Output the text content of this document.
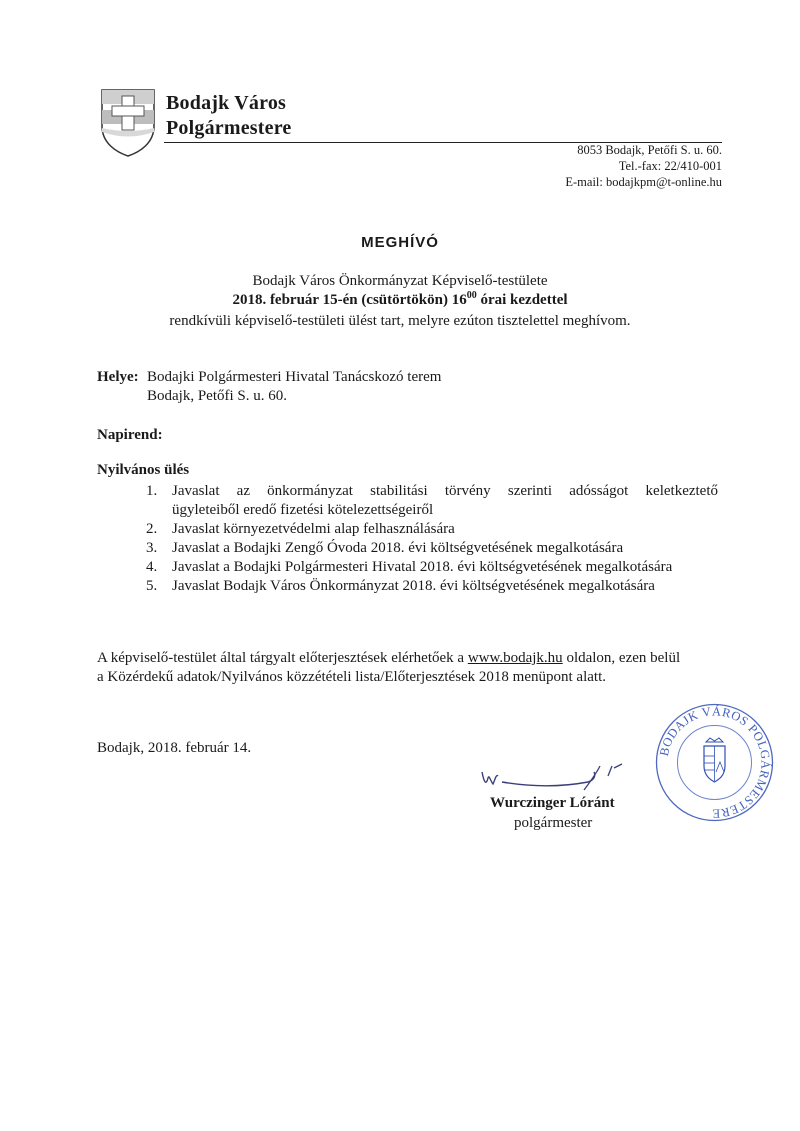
Bodajk Város
Polgármestere
8053 Bodajk, Petőfi S. u. 60.
Tel.-fax: 22/410-001
E-mail: bodajkpm@t-online.hu
MEGHÍVÓ
Bodajk Város Önkormányzat Képviselő-testülete
2018. február 15-én (csütörtökön) $16^{00}$ órai kezdettel
rendkívüli képviselő-testületi ülést tart, melyre ezúton tisztelettel meghívom.
Helye: Bodajki Polgármesteri Hivatal Tanácskozó terem
Bodajk, Petőfi S. u. 60.
Napirend:
Nyilvános ülés
1. Javaslat az önkormányzat stabilitási törvény szerinti adósságot keletkeztető
ügyleteiből eredő fizetési kötelezettségeiről
2. Javaslat környezetvédelmi alap felhasználására
3. Javaslat a Bodajki Zengő Óvoda 2018. évi költségvetésének megalkotására
4. Javaslat a Bodajki Polgármesteri Hivatal 2018. évi költségvetésének megalkotására
5. Javaslat Bodajk Város Önkormányzat 2018. évi költségvetésének megalkotására
A képviselő-testület által tárgyalt előterjesztések elérhetőek a www.bodajk.hu oldalon, ezen belül
a Közérdekű adatok/Nyilvános közzétételi lista/Előterjesztések 2018 menüpont alatt.
Bodajk, 2018. február 14.
Wurczinger Lóránt
polgármester
BODAJK VÁROS POLGÁRMESTERE
